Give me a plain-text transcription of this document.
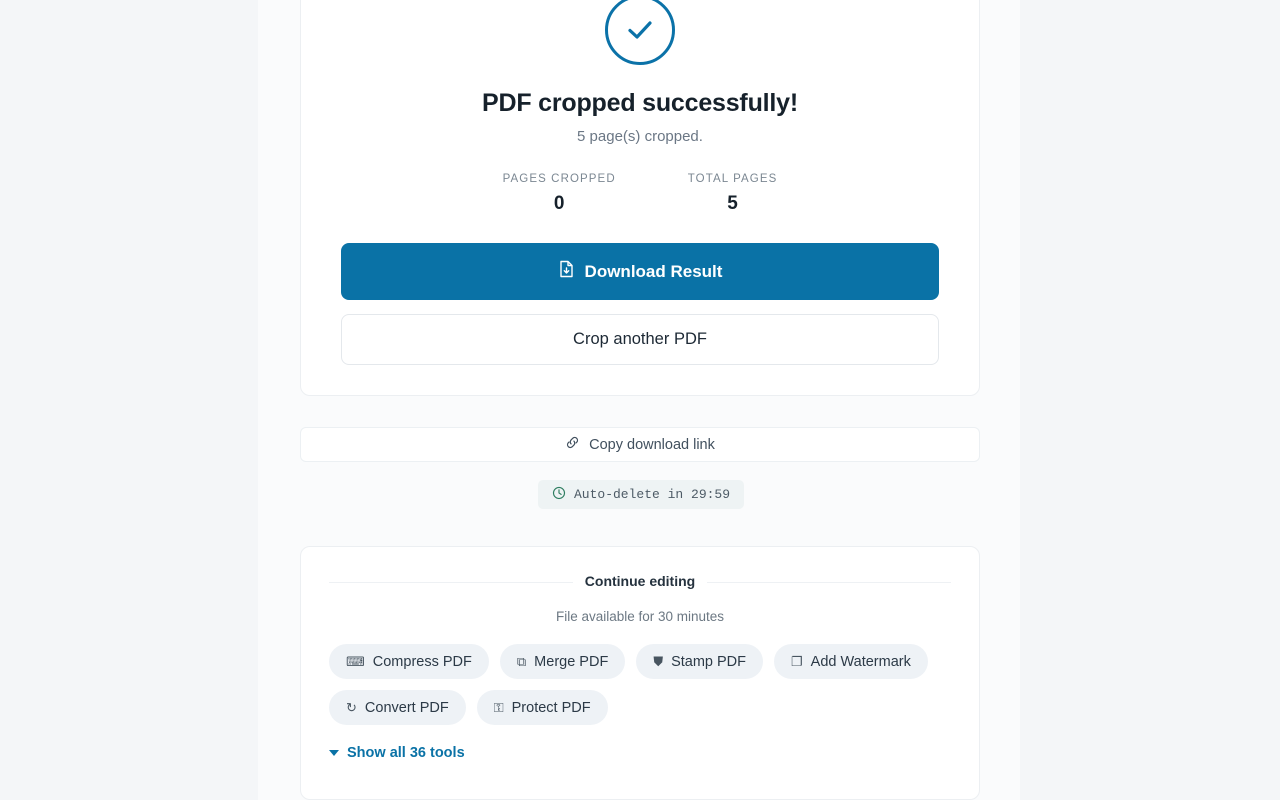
PDF cropped successfully!
5 page(s) cropped.
PAGES CROPPED
0
TOTAL PAGES
5
Download Result
Crop another PDF
Copy download link
Auto-delete in 29:59
Continue editing
File available for 30 minutes
⌨ Compress PDF	⧉ Merge PDF	⛊ Stamp PDF	❐ Add Watermark
↻ Convert PDF	⚿ Protect PDF
Show all 36 tools
